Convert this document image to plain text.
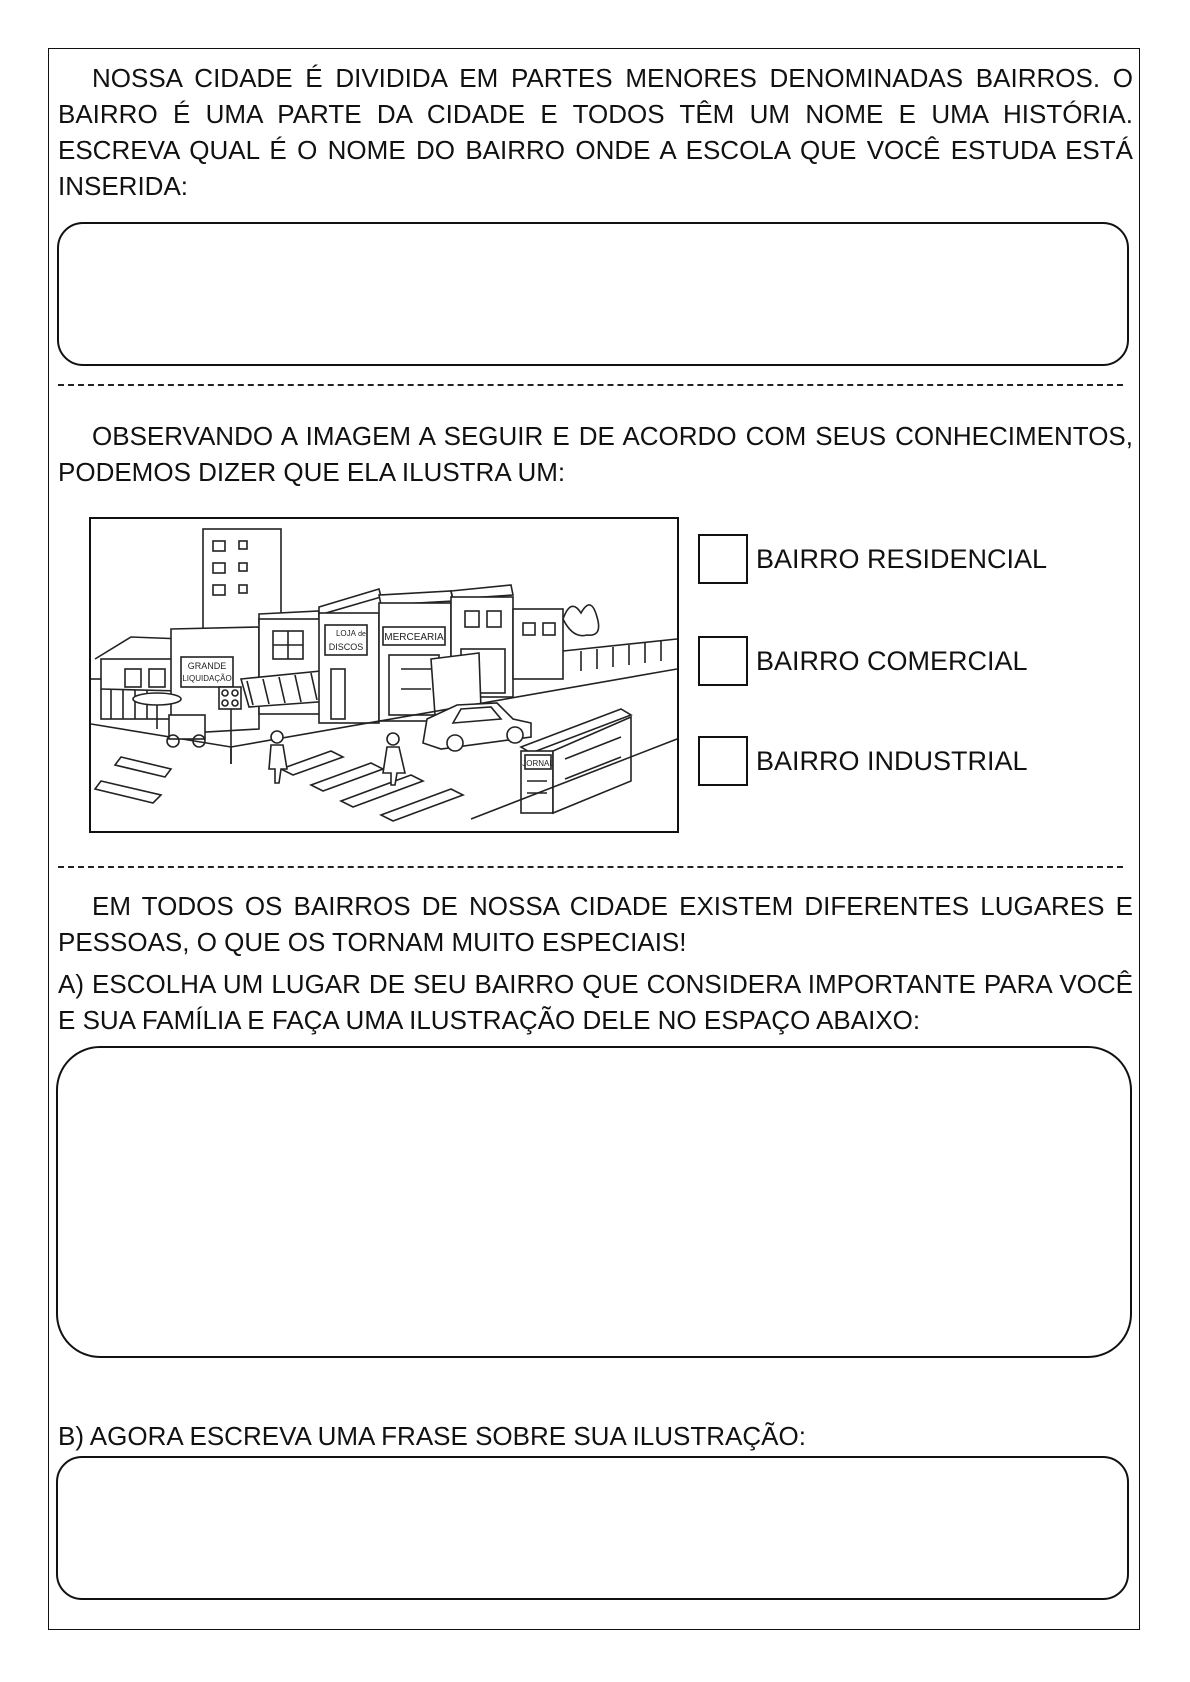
NOSSA CIDADE É DIVIDIDA EM PARTES MENORES DENOMINADAS BAIRROS. O BAIRRO É UMA PARTE DA CIDADE E TODOS TÊM UM NOME E UMA HISTÓRIA. ESCREVA QUAL É O NOME DO BAIRRO ONDE A ESCOLA QUE VOCÊ ESTUDA ESTÁ INSERIDA:

OBSERVANDO A IMAGEM A SEGUIR E DE ACORDO COM SEUS CONHECIMENTOS, PODEMOS DIZER QUE ELA ILUSTRA UM:

GRANDE
LIQUIDAÇÃO
LOJA de
DISCOS
MERCEARIA
JORNAL
BAIRRO RESIDENCIAL
BAIRRO COMERCIAL
BAIRRO INDUSTRIAL

EM TODOS OS BAIRROS DE NOSSA CIDADE EXISTEM DIFERENTES LUGARES E PESSOAS, O QUE OS TORNAM MUITO ESPECIAIS!

A) ESCOLHA UM LUGAR DE SEU BAIRRO QUE CONSIDERA IMPORTANTE PARA VOCÊ E SUA FAMÍLIA E FAÇA UMA ILUSTRAÇÃO DELE NO ESPAÇO ABAIXO:

B) AGORA ESCREVA UMA FRASE SOBRE SUA ILUSTRAÇÃO:
